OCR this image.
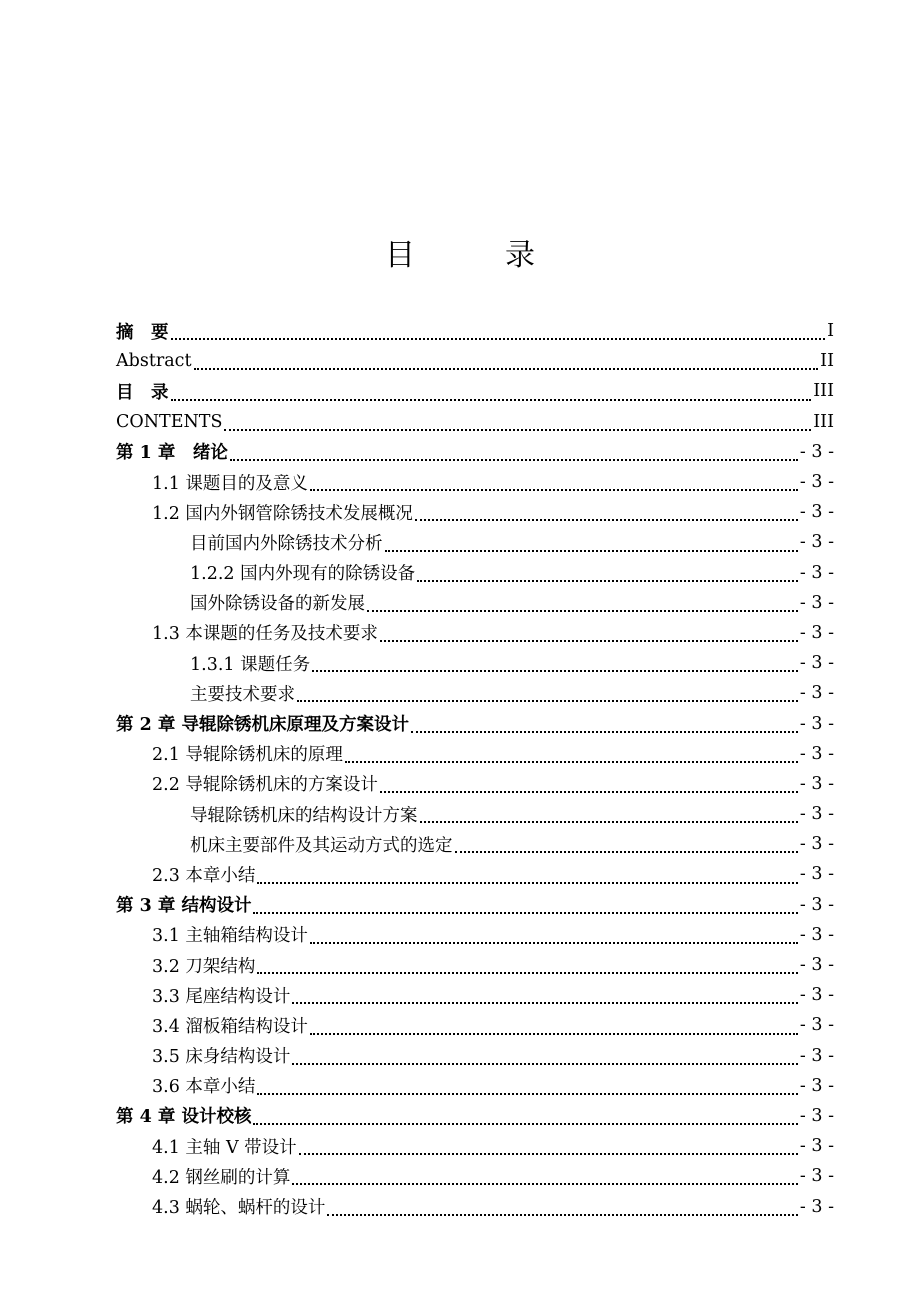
目　录
摘　要	I
Abstract	II
目　录	III
CONTENTS	III
第 1 章　绪论	- 3 -
1.1 课题目的及意义	- 3 -
1.2 国内外钢管除锈技术发展概况	- 3 -
目前国内外除锈技术分析	- 3 -
1.2.2 国内外现有的除锈设备	- 3 -
国外除锈设备的新发展	- 3 -
1.3 本课题的任务及技术要求	- 3 -
1.3.1 课题任务	- 3 -
主要技术要求	- 3 -
第 2 章 导辊除锈机床原理及方案设计	- 3 -
2.1 导辊除锈机床的原理	- 3 -
2.2 导辊除锈机床的方案设计	- 3 -
导辊除锈机床的结构设计方案	- 3 -
机床主要部件及其运动方式的选定	- 3 -
2.3 本章小结	- 3 -
第 3 章 结构设计	- 3 -
3.1 主轴箱结构设计	- 3 -
3.2 刀架结构	- 3 -
3.3 尾座结构设计	- 3 -
3.4 溜板箱结构设计	- 3 -
3.5 床身结构设计	- 3 -
3.6 本章小结	- 3 -
第 4 章 设计校核	- 3 -
4.1 主轴 V 带设计	- 3 -
4.2 钢丝刷的计算	- 3 -
4.3 蜗轮、蜗杆的设计	- 3 -
